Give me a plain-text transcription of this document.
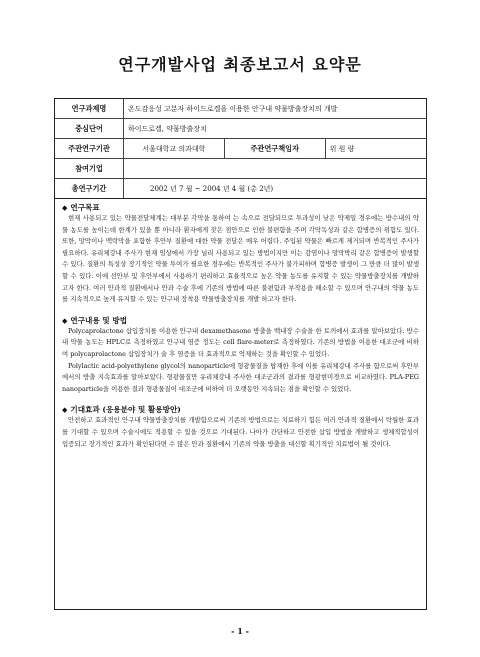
연구개발사업 최종보고서 요약문
연구과제명	온도감응성 고분자 하이드로겔을 이용한 안구내 약물방출장치의 개발		
중심단어	하이드로겔, 약물방출장치		
주관연구기관	서울대학교 의과대학	주관연구책임자	위 원 량
참여기업			
총연구기간	2002 년 7 월 ~ 2004 년 4 월 (총 2년)		
◆ 연구목표

현재 사용되고 있는 약물전달체계는 대부분 각막을 통하여 는 속으로 전달되므로 투과성이 낮은 약제일 경우에는 방수내의 약물 농도를 높이는데 한계가 있을 뿐 아니라 환자에게 잦은 점안으로 인한 불편함을 주며 각막독성과 같은 합병증의 위험도 있다. 또한, 망막이나 맥락막을 포함한 후안부 질환에 대한 약물 전달은 매우 어렵다. 주입된 약물은 빠르게 제거되며 반복적인 주사가 필요하다. 유리체강내 주사가 현재 임상에서 가장 널리 사용되고 있는 방법이지만 이는 감염이나 망막박리 같은 합병증이 발생할 수 있다. 질환의 특성상 장기적인 약물 투여가 필요한 경우에는 반복적인 주사가 불가피하며 합병증 발생이 그 만큼 더 많이 발생할 수 있다. 이에 선안부 및 후안부에서 사용하기 편리하고 효율적으로 높은 약물 농도를 유지할 수 있는 약물방출장치를 개발하고자 한다. 여러 안과적 질환에서나 안과 수술 후에 기존의 방법에 따른 불편함과 부작용을 해소할 수 있으며 안구내의 약물 농도를 지속적으로 높게 유지할 수 있는 안구내 장착용 약물방출장치를 개발 하고자 한다.

◆ 연구내용 및 방법

Polycaprolactone 삽입장치를 이용한 안구내 dexamethasone 방출을 백내장 수술을 한 토끼에서 효과를 알아보았다. 방수내 약물 농도는 HPLC로 측정하였고 안구내 염증 정도는 cell flare-meter로 측정하였다. 기존의 방법을 이용한 대조군에 비하여 polycaprolactone 삽입장치가 술 후 염증을 더 효과적으로 억제하는 것을 확인할 수 있었다.

Polylactic acid-polyethylene glycol의 nanoparticle에 형광물질을 탑재한 후에 이를 유리체강내 주사를 함으로써 후안부에서의 방출 지속효과를 알아보았다. 형광물질만 유리체강내 주사한 대조군과의 결과를 형광현미경으로 비교하였다. PLA-PEG nanoparticle을 이용한 결과 형광물질이 대조군에 비하여 더 오랫동안 지속되는 점을 확인할 수 있었다.

◆ 기대효과 (응용분야 및 활용방안)

안전하고 효과적인 안구내 약물방출장치를 개발함으로써 기존의 방법으로는 치료하기 힘든 여러 안과적 질환에서 탁월한 효과를 기대할 수 있으며 수술시에도 적용할 수 있을 것으로 기대된다. 나아가 간단하고 안전한 삽입 방법을 개발하고 생체적합성이 입증되고 장기적인 효과가 확인된다면 수 많은 안과 질환에서 기존의 약물 방출을 대신할 획기적인 치료법이 될 것이다.

- 1 -
